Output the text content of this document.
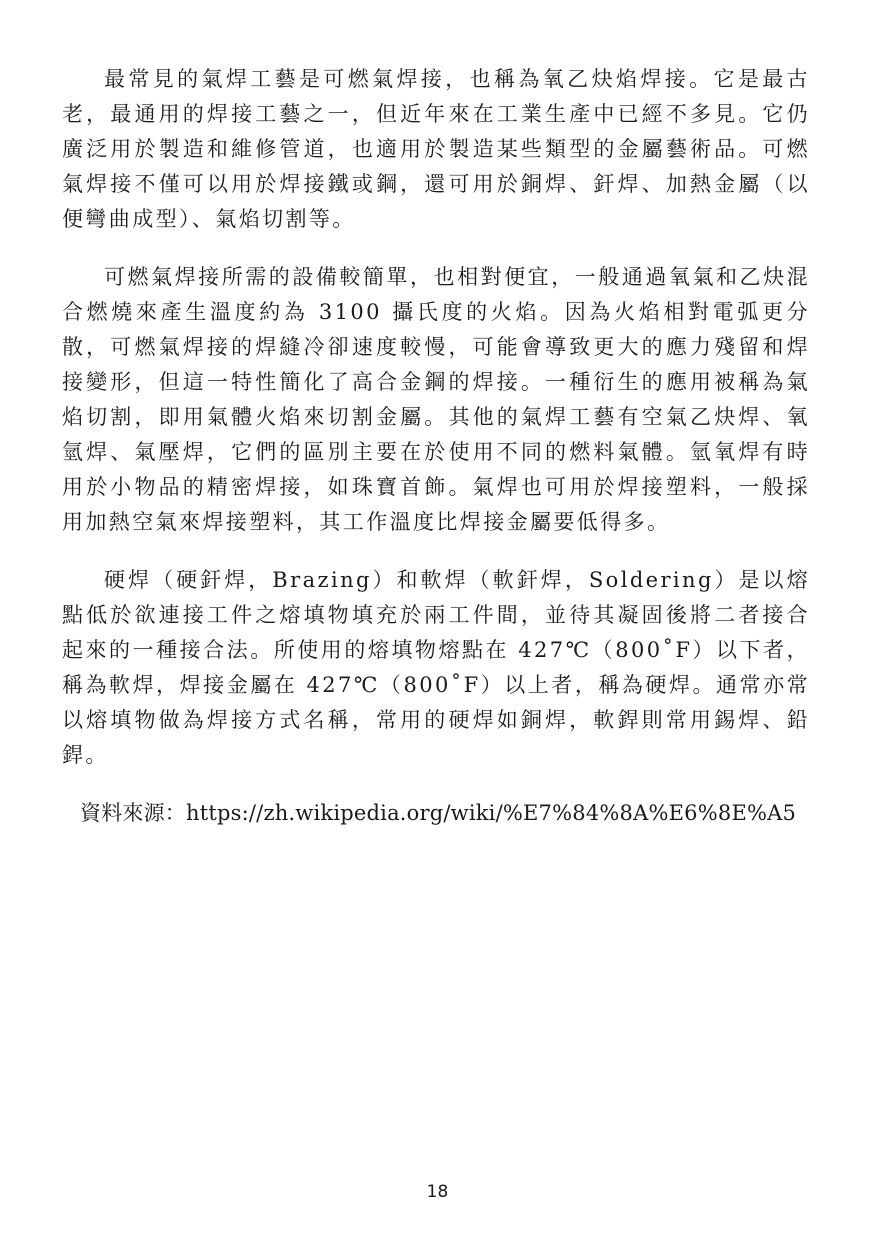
最常見的氣焊工藝是可燃氣焊接，也稱為氧乙炔焰焊接。它是最古老，最通用的焊接工藝之一，但近年來在工業生產中已經不多見。它仍廣泛用於製造和維修管道，也適用於製造某些類型的金屬藝術品。可燃氣焊接不僅可以用於焊接鐵或鋼，還可用於銅焊、釬焊、加熱金屬（以便彎曲成型）、氣焰切割等。

可燃氣焊接所需的設備較簡單，也相對便宜，一般通過氧氣和乙炔混合燃燒來產生溫度約為 3100 攝氏度的火焰。因為火焰相對電弧更分散，可燃氣焊接的焊縫冷卻速度較慢，可能會導致更大的應力殘留和焊接變形，但這一特性簡化了高合金鋼的焊接。一種衍生的應用被稱為氣焰切割，即用氣體火焰來切割金屬。其他的氣焊工藝有空氣乙炔焊、氧氫焊、氣壓焊，它們的區別主要在於使用不同的燃料氣體。氫氧焊有時用於小物品的精密焊接，如珠寶首飾。氣焊也可用於焊接塑料，一般採用加熱空氣來焊接塑料，其工作溫度比焊接金屬要低得多。

硬焊（硬釬焊，Brazing）和軟焊（軟釬焊，Soldering）是以熔點低於欲連接工件之熔填物填充於兩工件間，並待其凝固後將二者接合起來的一種接合法。所使用的熔填物熔點在 427℃（800˚F）以下者，稱為軟焊，焊接金屬在 427℃（800˚F）以上者，稱為硬焊。通常亦常以熔填物做為焊接方式名稱，常用的硬焊如銅焊，軟銲則常用錫焊、鉛銲。

資料來源：https://zh.wikipedia.org/wiki/%E7%84%8A%E6%8E%A5

18
